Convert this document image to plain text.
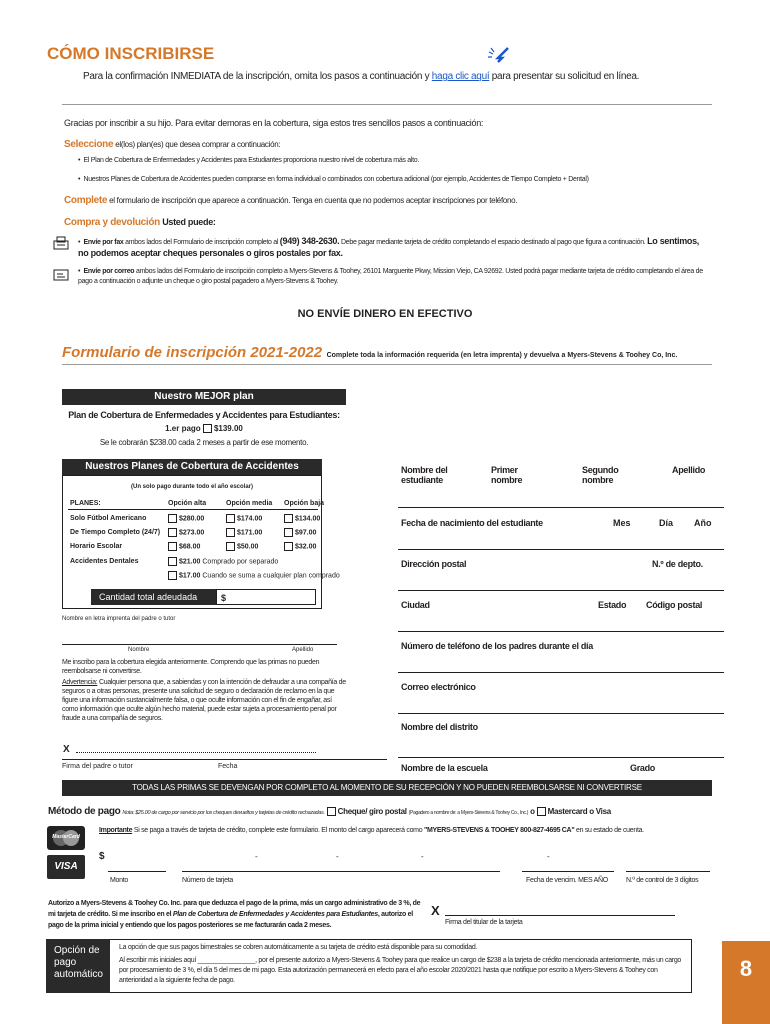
CÓMO INSCRIBIRSE
Para la confirmación INMEDIATA de la inscripción, omita los pasos a continuación y haga clic aquí para presentar su solicitud en línea.
Gracias por inscribir a su hijo. Para evitar demoras en la cobertura, siga estos tres sencillos pasos a continuación:
Seleccione el(los) plan(es) que desea comprar a continuación:
•  El Plan de Cobertura de Enfermedades y Accidentes para Estudiantes proporciona nuestro nivel de cobertura más alto.
•  Nuestros Planes de Cobertura de Accidentes pueden comprarse en forma individual o combinados con cobertura adicional (por ejemplo, Accidentes de Tiempo Completo + Dental)
Complete el formulario de inscripción que aparece a continuación. Tenga en cuenta que no podemos aceptar inscripciones por teléfono.
Compra y devolución Usted puede:
•  Envíe por fax ambos lados del Formulario de inscripción completo al (949) 348-2630. Debe pagar mediante tarjeta de crédito completando el espacio destinado al pago que figura a continuación. Lo sentimos, no podemos aceptar cheques personales o giros postales por fax.
•  Envíe por correo ambos lados del Formulario de inscripción completo a Myers-Stevens & Toohey, 26101 Marguerite Pkwy, Mission Viejo, CA 92692. Usted podrá pagar mediante tarjeta de crédito completando el área de pago a continuación o adjunte un cheque o giro postal pagadero a Myers-Stevens & Toohey.
NO ENVÍE DINERO EN EFECTIVO
Formulario de inscripción 2021-2022 Complete toda la información requerida (en letra imprenta) y devuelva a Myers-Stevens & Toohey Co, Inc.
Nuestro MEJOR plan
Plan de Cobertura de Enfermedades y Accidentes para Estudiantes:
1.er pago $139.00
Se le cobrarán $238.00 cada 2 meses a partir de ese momento.
Nuestros Planes de Cobertura de Accidentes
(Un solo pago durante todo el año escolar)
PLANES:	Opción alta	Opción media Opción baja
Solo Fútbol Americano	$280.00	$174.00	$134.00
De Tiempo Completo (24/7)	$273.00	$171.00	$97.00
Horario Escolar	$68.00	$50.00	$32.00
Accidentes Dentales	$21.00 Comprado por separado
$17.00 Cuando se suma a cualquier plan comprado
Cantidad total adeudada	$
Nombre en letra imprenta del padre o tutor
Nombre	Apellido
Me inscribo para la cobertura elegida anteriormente. Comprendo que las primas no pueden reembolsarse ni convertirse.
Advertencia: Cualquier persona que, a sabiendas y con la intención de defraudar a una compañía de seguros o a otras personas, presente una solicitud de seguro o declaración de reclamo en la que figure una información sustancialmente falsa, o que oculte información con el fin de engañar, así como información que oculte algún hecho material, puede estar sujeta a procesamiento penal por fraude a una compañía de seguros.
X
Firma del padre o tutor	Fecha
Nombre del estudiante
Primer nombre
Segundo nombre
Apellido
Fecha de nacimiento del estudiante	Mes	Día Año
Dirección postal	N.º de depto.
Ciudad	Estado Código postal
Número de teléfono de los padres durante el día
Correo electrónico
Nombre del distrito
Nombre de la escuela	Grado
TODAS LAS PRIMAS SE DEVENGAN POR COMPLETO AL MOMENTO DE SU RECEPCIÓN Y NO PUEDEN REEMBOLSARSE NI CONVERTIRSE
Método de pago Nota: $25.00 de cargo por servicio por los cheques devueltos y tarjetas de crédito rechazadas. Cheque/ giro postal (Pagadero a nombre de: a Myers-Stevens & Toohey Co., Inc.) o Mastercard o Visa
MasterCard
Importante Si se paga a través de tarjeta de crédito, complete este formulario. El monto del cargo aparecerá como "MYERS-STEVENS & TOOHEY 800-827-4695 CA" en su estado de cuenta.
VISA
$	-	-	-	-
Monto	Número de tarjeta	Fecha de vencim. MES AÑO	N.º de control de 3 dígitos
Autorizo a Myers-Stevens & Toohey Co. Inc. para que deduzca el pago de la prima, más un cargo administrativo de 3 %, de mi tarjeta de crédito. Si me inscribo en el Plan de Cobertura de Enfermedades y Accidentes para Estudiantes, autorizo el pago de la prima inicial y entiendo que los pagos posteriores se me facturarán cada 2 meses.
X
Firma del titular de la tarjeta
Opción de pago automático
La opción de que sus pagos bimestrales se cobren automáticamente a su tarjeta de crédito está disponible para su comodidad.
Al escribir mis iniciales aquí ________________, por el presente autorizo a Myers-Stevens & Toohey para que realice un cargo de $238 a la tarjeta de crédito mencionada anteriormente, más un cargo por procesamiento de 3 %, el día 5 del mes de mi pago. Esta autorización permanecerá en efecto para el año escolar 2020/2021 hasta que notifique por escrito a Myers-Stevens & Toohey con anterioridad a la siguiente fecha de pago.	8
